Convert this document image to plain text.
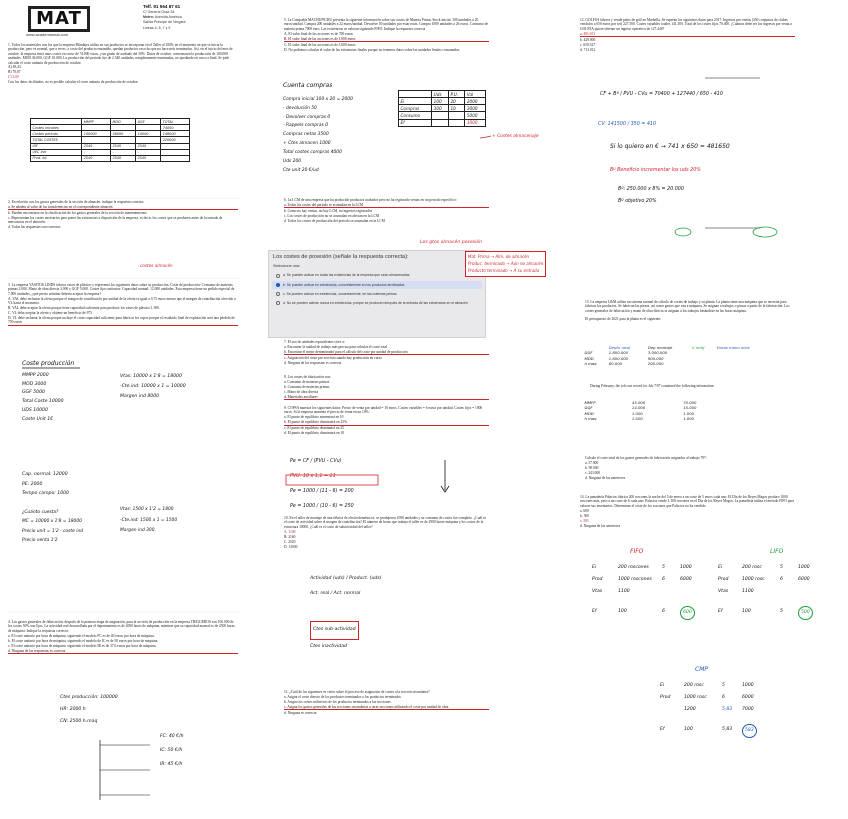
MAT
www.academiamat.com
Telf. 91 564 87 61
C/ General Oraa 34
Metro: Avenida América
Salida Principe de Vergara
Lineas 4, 6, 7 y 9

1. Todos los materiales con los que la empresa Blindajes utiliza en sus productos se incorporan en el Taller al 100% en el momento en que se inicia la producción, pero es normal, que a veces, a costo del producto ensamble, quedan productos en ocho que no hace más terminados. Así, en el inicio del mes de octubre, la empresa tenía unos costes en curso de 74.000 euros, y un grado de acabado del 50%. Datos de octubre: comenzaron la producción de 100.000 unidades. MOD 36.000, GGF 10.000. La producción del periodo fue de 2.540 unidades completamente terminadas, no quedando en curso a final. Se pide calcular el coste unitario de producción de octubre.

A) 83,43

B) 70,87

C) 3,00

Con los datos facilitados, no es posible calcular el coste unitario de producción de octubre.

	MMPP	MOD	GGF	TOTAL
Costes iniciales				74000
Costes periodo	100000	36000	10000	146000
TOTAL COSTES				220000
UIF	2540	2540	2540	
UEC inic	-	-	-	
Prod. eq	2540	2540	2540	

2. En relación con los gastos generales de la sección de almacén, indique la respuesta correcta:

a. Se añaden al valor de las transferencias en el correspondiente almacén.

b. Pueden encontrarse en la clasificación de los gastos generales de la sección de mantenimiento.

c. Representan los costes necesarios para poner las existencias a disposición de la empresa, es decir, los costes que se producen antes de la entrada de mercancías en el almacén.

d. Todas las respuestas son correctas

costes almacén

3. La empresa VASITOS LINDS fabrica vasos de plástico y representa los siguientes datos sobre su producción. Coste de producción: Consumo de materias primas 2.000. Mano de obra directa 3.000 y GGF 5.000. Costes fijos unitarios: Capacidad normal: 12.000 unidades. Esta empresa tiene un pedido especial de 7.000 unidades, ¿qué precio mínimo debería aceptar la empresa?

A. VAL debe rechazar la oferta porque el margen de contribución por unidad de la oferta es igual a 0,75 euros menor que el margen de contribución ofrecido a VL hasta el momento.

B. VAL debe aceptar la oferta porque tiene capacidad suficiente para producir los vasos de plástico 1.500.

C. VL debe aceptar la oferta y obtiene un beneficio de 975

D. VL debe rechazar la oferta porque incluye el coste capacidad suficiente para fabricar los copos porque el resultado final de explotación será una pérdida de 750 euros

Coste producción
MMPP 2000
MOD 3000
GGF 5000
Total Coste 10000
UDS 10000
Coste Unit 1€
Vtas: 10000 x 1'8 = 18000
-Cte.ind: 10000 x 1 = 10000
Margen ind 8000
Cap. normal: 12000
PE: 2000
Tempo campo: 1000
¿Cuánto cuesta?
MC = 10000 x 1'8 = 18000
Precio unit = 1'2 - coste ind
Precio venta 1'2
Vtas: 1500 x 1'2 = 1800
-Cte.ind: 1500 x 1 = 1500
Margen ind 300

4. Los gastos generales de fabricación, después de la primera etapa de asignación, para la sección de producción en la empresa TRIGUEROS son 100.000 de los costes 50% son fijos. La actividad real desarrollada por el departamento es de 2000 horas de máquina, mientras que su capacidad normal es de 2500 horas de máquina. Indique la respuesta correcta:

a. El coste unitario por hora de máquina, siguiendo el modelo FC es de 40 euros por hora de máquina.

b. El coste unitario por hora de máquina, siguiendo el modelo de IC es de 50 euros por hora de máquina.

c. El coste unitario por hora de máquina, siguiendo el modelo IR es de 37,6 euros por hora de máquina.

d. Ninguna de las respuestas es correcta

Ctes producción: 100000
HR: 2000 h
CN: 2500 h.maq
FC: 40 €/h
IC: 50 €/h
IR: 45 €/h

5. La Compañía MACHUPICHU presenta la siguiente información sobre sus costes de Materia Prima: Stock inicial, 100 unidades a 20 euros/unidad. Compra 200 unidades a 22 euros/unidad. Devuelve 50 unidades por estar rotas. Compra 1000 unidades a 26 euros. Consumo de materia prima 7000 euro. Las existencias se valoran siguiendo FIFO. Indique la respuesta correcta

A. El valor final de las acciones es de 700 euros

B. El valor final de las acciones es de 1.000 euros

C. El valor final de las acciones es de 3.000 euros

D. No podemos calcular el valor de las existencias finales porque no tenemos datos sobre las unidades finales consumidas

Cuenta compras
Compra inicial 100 x 20 = 2000
- devolución 50
- Devolver compras 0
- Rappels compras 0
Compras netas 3500
+ Ctes almacen 1000
Total costes compras 4000
Uds 200
Cte unit 20 €/ud
	Uds	P.U.	Val
Ei	100	20	2000
Compras	300	10	3000
Consumo			5000
Ef			1000
+ Costes almacenaje

6. La LCM de una empresa que ha producido productos acabados pero no ha registrado ventas en un periodo específico:

a. Todos los costes del periodo se acumulan en la LCM

b. Como no hay ventas, no hay LCM, no ingresos registrados

c. Los costes de producción no se acumulan en afectan en la LCM

d. Todos los costes de producción del periodo se acumulan en la LCM

Los gtos almacén posesión
Los costes de posesión (señale la respuesta correcta):
Seleccione una:
a. Se pueden activar en todas las existencias de la empresa que sean almacenadas
b. Se pueden activar en existencias, concretamente en los productos terminados
c. Se pueden activar en existencias, concretamente, en las materias primas
d. No se pueden activar nunca en existencias, porque se producen después de la entrada de las existencias en el almacén
Mat. Prima → Alm. de almacén
Produc. terminado → Aún no almacén
Producto terminado → A su entrada

7. El uso de unidades equivalentes sirve a:

a. Encontrar la unidad de trabajo más precisa para calcular el coste total

b. Encontrar el mejor denominador para el cálculo del coste por unidad de producción

c. Asignación del coste por sección cuando hay producción en curso

d. Ninguna de las respuestas es correcta

8. Los costes de fabricación son:

a. Consumo de materias primas

b. Consumo de materias primas

c. Mano de obra directa

d. Materiales auxiliares

9. COPSA muestra los siguientes datos: Precio de venta por unidad = 10 euros. Costes variables = 6 euros por unidad. Costes fijos = 1000 euros. Si la empresa aumenta el precio de venta en un 10%:

a. El punto de equilibrio aumentará en 10

b. El punto de equilibrio disminuirá en 25%

c. El punto de equilibrio disminuirá en 25

d. El punto de equilibrio disminuirá en 10

Pe = CF / (PVU - CVu)
PVU: 10 x 1,1 = 11
Pe = 1000 / (11 - 6) = 200
Pe = 1000 / (10 - 6) = 250

10. En el taller de montaje de una fábrica de electrodomésticos, se produjeron 1000 unidades y su consumo de costes fue completo. ¿Cuál es el coste de actividad sobre el margen de contribución? El número de horas que trabaja el taller es de 2900 horas-máquina y los costes de la estructura 10000. ¿Cuál es el costo de subactividad del taller?

A. 1100

B. 2160

C. 2520

D. 12000

Actividad (uds) / Product. (uds)
Act. real / Act. normal
Ctes sub-actividad
Ctes inactividad

11. ¿Cuál de los siguientes es cierto sobre el proceso de asignación de costes a la sección secundaria?

a. Asigna el coste directo de los productos terminados a los productos terminados

b. Asigna los costes indirectos de los productos terminados a las secciones

c. Asigna los gastos generales de las secciones secundarias a otras secciones utilizando el coste por unidad de obra

d. Ninguna es correcta

12. GOLFSA fabrica y vende palos de golf en Marbella. Se esperan los siguientes datos para 2017: Ingresos por ventas (350 conjuntos de clubes vendidos a 650 euros por set) 227.500. Costes variables totales 141.500. Total de los costes fijos 70.400. ¿Cuántos debe ser los ingresos por venta a GOLFSA quiere obtener un ingreso operativo de 127.440?

a. 481.651

b. 429.000

c. 650.327

d. 713.012

CF + Bº / PVU - CVu = 70400 + 127440 / 650 - 410
CV: 141500 / 350 = 410
Si lo quiero en € → 741 x 650 = 481650
Bº Beneficio incrementar los uds 20%
Bº: 250.000 x 8% = 20.000
Bº objetivo 20%

13. La empresa L&M utiliza un sistema normal de cálculo de costes de trabajo y su planta. La planta tiene una máquina que se necesita para fabricar los productos. Se fabrican las piezas, así como gastos que van a máquina. Se asignan a trabajos o piezas a partir de la fabricación. Los costes generales de fabricación y mano de obra directa se asignan a los trabajos basándose en las horas máquina.

El presupuesto de 2021 para la planta es el siguiente:

	Depto mtaj	Dep montaje	h mntj	Horas mano obra
GGF	1.800.000	3.000.000		
MOD	1.600.000	900.000		
h maq	60.000	200.000		
During February, the job cost record for Job 7/97 contained the following information:
MMPP	45.000	70.000
GGF	14.000	15.000
MOD	1.000	1.000
h maq	1.000	1.000

Calcule el coste total de los gastos generales de fabricación asignados al trabajo 797:

a. 57.000

b. 99.000

c. 243.000

d. Ninguna de las anteriores

14. La panadería Palacios fabrica 200 roscones la noche del 5 de enero a un coste de 5 euros cada uno. El Día de los Reyes Magos produce 1000 roscones más, pero a un coste de 6 cada uno. Palacios vende 1.100 roscones en el Día de los Reyes Magos. La panadería utiliza el método FIFO para valorar sus inventarios. Determinar el coste de los roscones que Palacios no ha vendido

a. 600

b. 500

c. 581

d. Ninguna de las anteriores

FIFO
Ei	200 roscones	5	1000
Prod	1000 roscones	6	6000
Vtas	1100
Ef	100	6	600
LIFO
Ei	200 rosc	5	1000
Prod	1000 rosc	6	6000
Vtas	1100
Ef	100	5	500
CMP
Ei	200 rosc	5	1000
Prod	1000 rosc	6	6000
1200	5,83	7000
Ef	100	5,83	583
